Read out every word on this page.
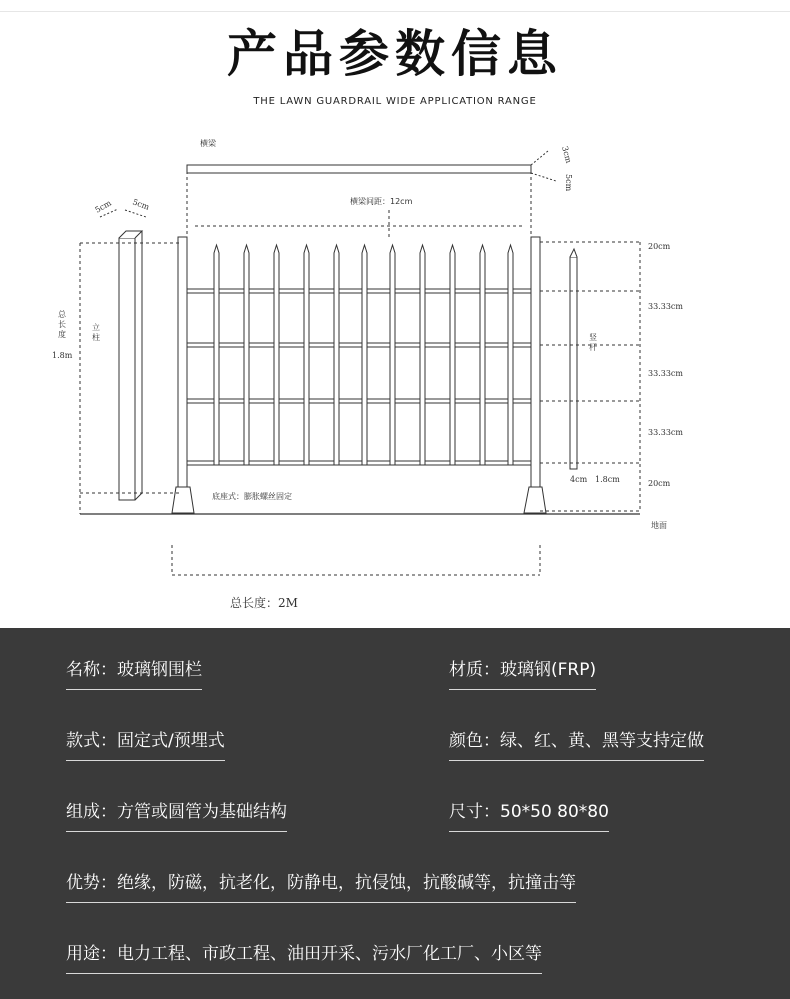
产品参数信息
THE LAWN GUARDRAIL WIDE APPLICATION RANGE
横梁
横梁间距：12cm
5cm 5cm
3cm
5cm
立柱	竖杆
总长度
1.8m
20cm
33.33cm
33.33cm
33.33cm
20cm
4cm 1.8cm
底座式：膨胀螺丝固定
地面
总长度：2M
名称：玻璃钢围栏	材质：玻璃钢(FRP)
款式：固定式/预埋式	颜色：绿、红、黄、黑等支持定做
组成：方管或圆管为基础结构	尺寸：50*50 80*80
优势：绝缘，防磁，抗老化，防静电，抗侵蚀，抗酸碱等，抗撞击等
用途：电力工程、市政工程、油田开采、污水厂化工厂、小区等
